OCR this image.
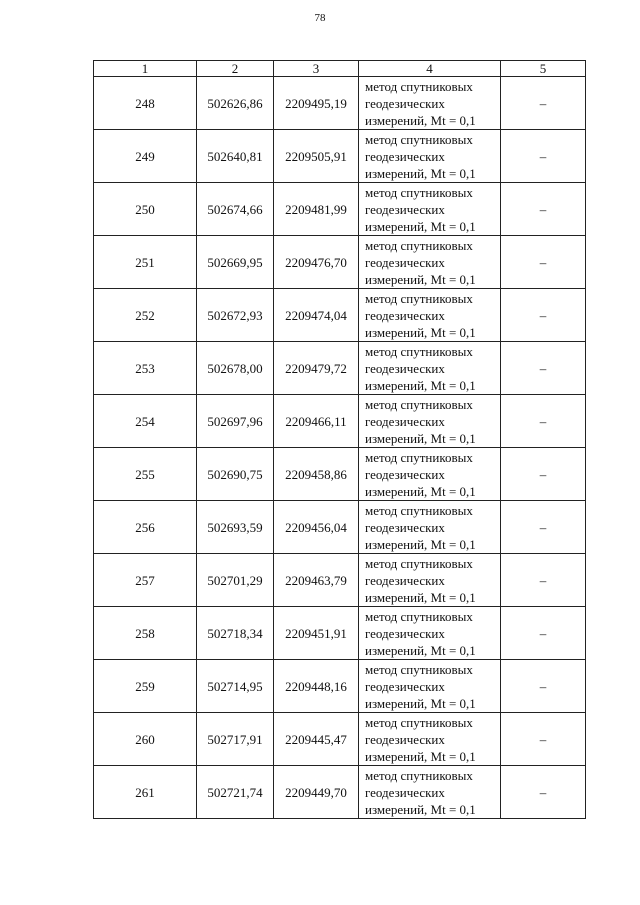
78
1	2	3	4	5
248	502626,86	2209495,19	метод спутниковых
геодезических
измерений, Mt = 0,1	–
249	502640,81	2209505,91	метод спутниковых
геодезических
измерений, Mt = 0,1	–
250	502674,66	2209481,99	метод спутниковых
геодезических
измерений, Mt = 0,1	–
251	502669,95	2209476,70	метод спутниковых
геодезических
измерений, Mt = 0,1	–
252	502672,93	2209474,04	метод спутниковых
геодезических
измерений, Mt = 0,1	–
253	502678,00	2209479,72	метод спутниковых
геодезических
измерений, Mt = 0,1	–
254	502697,96	2209466,11	метод спутниковых
геодезических
измерений, Mt = 0,1	–
255	502690,75	2209458,86	метод спутниковых
геодезических
измерений, Mt = 0,1	–
256	502693,59	2209456,04	метод спутниковых
геодезических
измерений, Mt = 0,1	–
257	502701,29	2209463,79	метод спутниковых
геодезических
измерений, Mt = 0,1	–
258	502718,34	2209451,91	метод спутниковых
геодезических
измерений, Mt = 0,1	–
259	502714,95	2209448,16	метод спутниковых
геодезических
измерений, Mt = 0,1	–
260	502717,91	2209445,47	метод спутниковых
геодезических
измерений, Mt = 0,1	–
261	502721,74	2209449,70	метод спутниковых
геодезических
измерений, Mt = 0,1	–
